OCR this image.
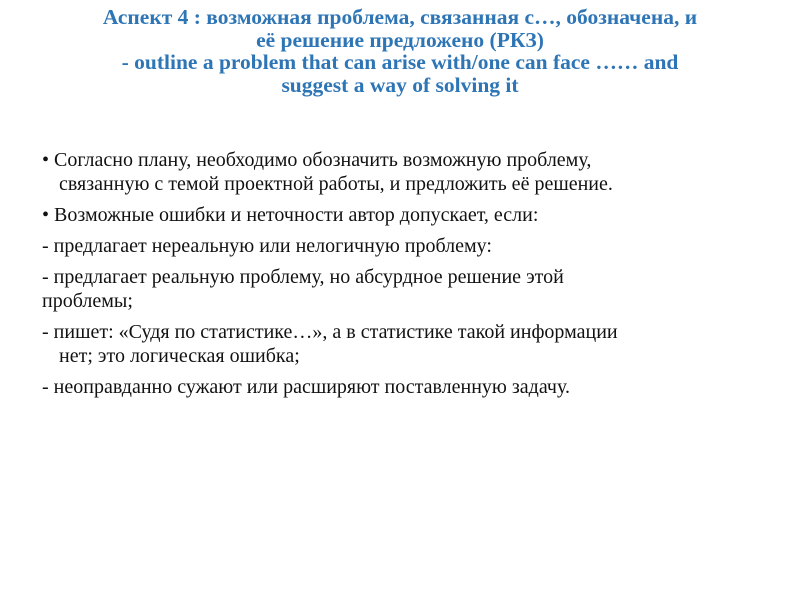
Аспект 4 : возможная проблема, связанная с…, обозначена, и
её решение предложено (РКЗ)
- outline a problem that can arise with/one can face …… and
suggest a way of solving it

• Согласно плану, необходимо обозначить возможную проблему,
связанную с темой проектной работы, и предложить её решение.

• Возможные ошибки и неточности автор допускает, если:

- предлагает нереальную или нелогичную проблему:

- предлагает реальную проблему, но абсурдное решение этой
проблемы;

- пишет: «Судя по статистике…», а в статистике такой информации
нет; это логическая ошибка;

- неоправданно сужают или расширяют поставленную задачу.
